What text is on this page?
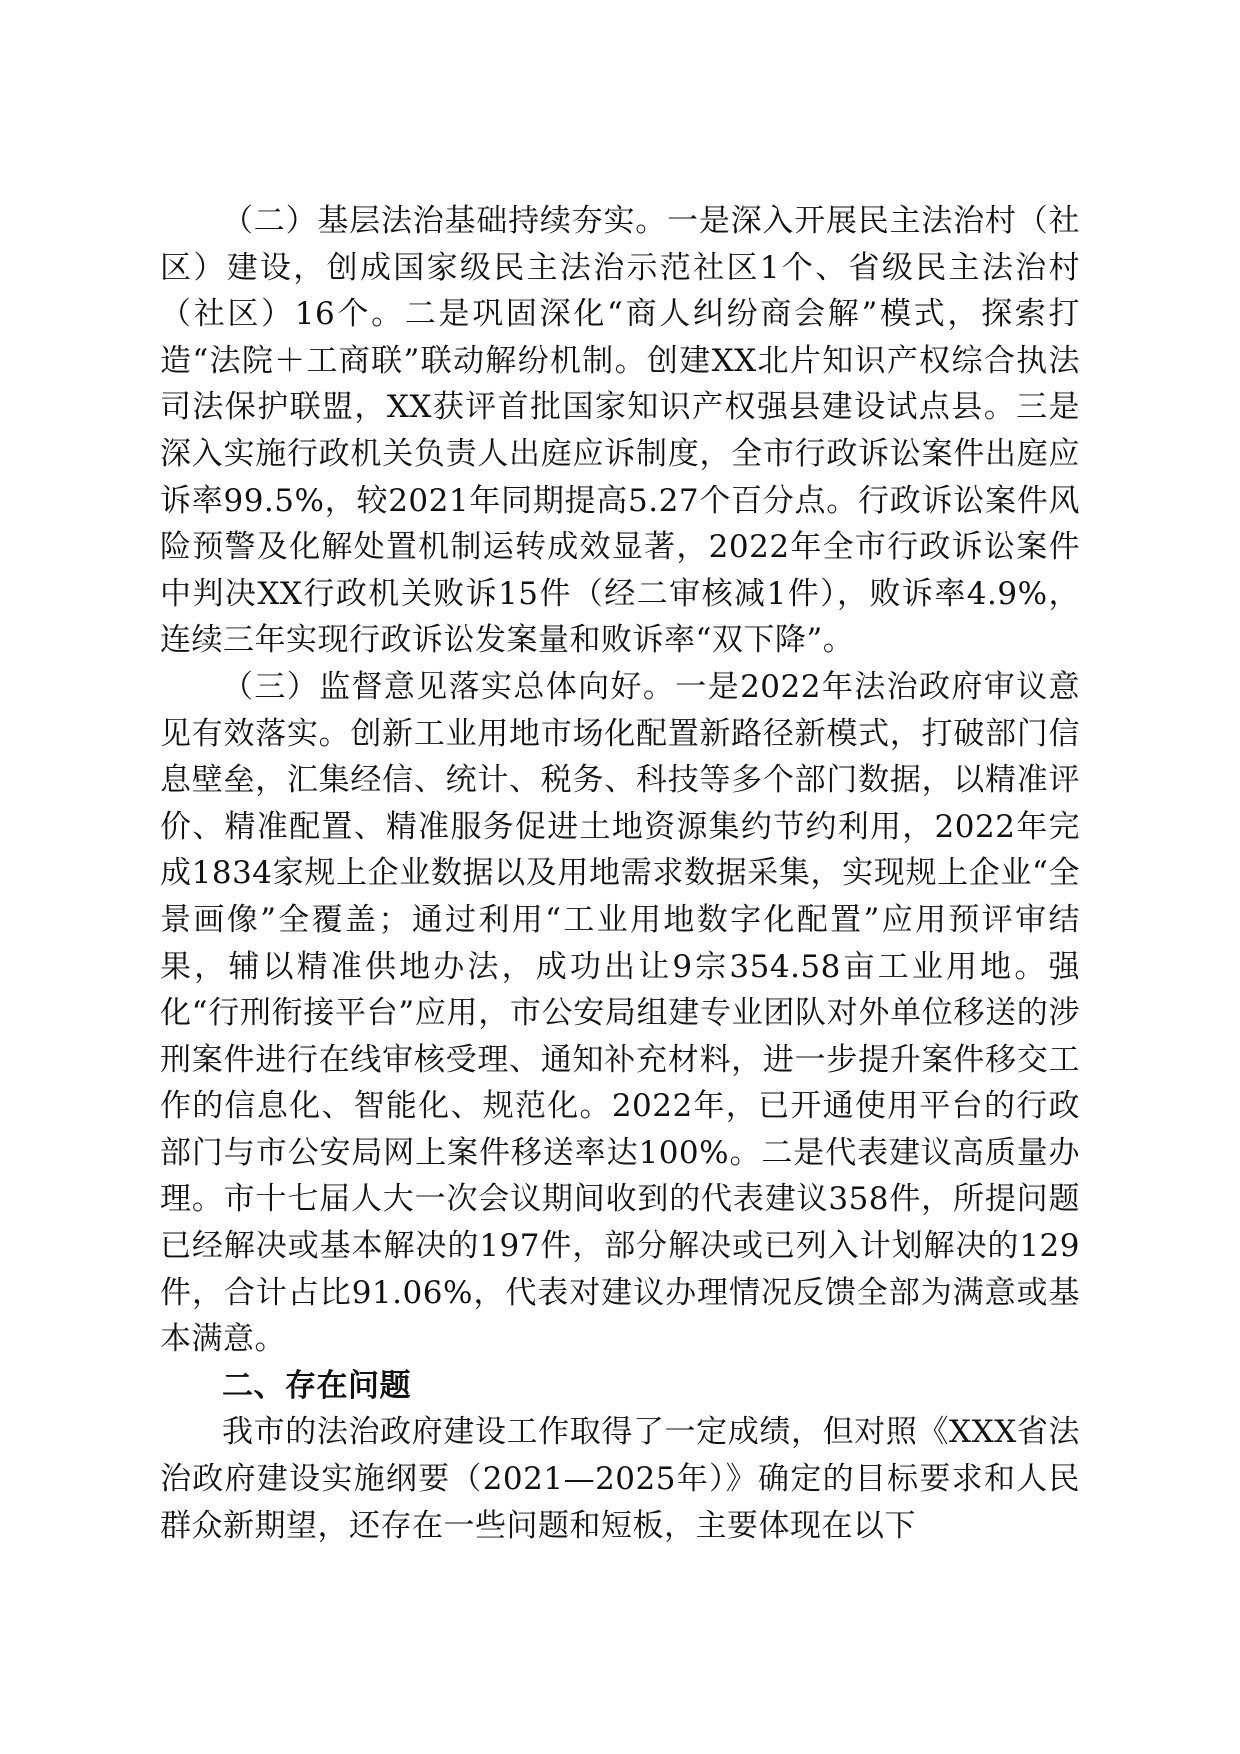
（二）基层法治基础持续夯实。一是深入开展民主法治村（社区）建设，创成国家级民主法治示范社区1个、省级民主法治村（社区）16个。二是巩固深化“商人纠纷商会解”模式，探索打造“法院＋工商联”联动解纷机制。创建XX北片知识产权综合执法司法保护联盟，XX获评首批国家知识产权强县建设试点县。三是深入实施行政机关负责人出庭应诉制度，全市行政诉讼案件出庭应诉率99.5%，较2021年同期提高5.27个百分点。行政诉讼案件风险预警及化解处置机制运转成效显著，2022年全市行政诉讼案件中判决XX行政机关败诉15件（经二审核减1件），败诉率4.9%，连续三年实现行政诉讼发案量和败诉率“双下降”。

（三）监督意见落实总体向好。一是2022年法治政府审议意见有效落实。创新工业用地市场化配置新路径新模式，打破部门信息壁垒，汇集经信、统计、税务、科技等多个部门数据，以精准评价、精准配置、精准服务促进土地资源集约节约利用，2022年完成1834家规上企业数据以及用地需求数据采集，实现规上企业“全景画像”全覆盖；通过利用“工业用地数字化配置”应用预评审结果，辅以精准供地办法，成功出让9宗354.58亩工业用地。强化“行刑衔接平台”应用，市公安局组建专业团队对外单位移送的涉刑案件进行在线审核受理、通知补充材料，进一步提升案件移交工作的信息化、智能化、规范化。2022年，已开通使用平台的行政部门与市公安局网上案件移送率达100%。二是代表建议高质量办理。市十七届人大一次会议期间收到的代表建议358件，所提问题已经解决或基本解决的197件，部分解决或已列入计划解决的129件，合计占比91.06%，代表对建议办理情况反馈全部为满意或基本满意。

二、存在问题

我市的法治政府建设工作取得了一定成绩，但对照《XXX省法治政府建设实施纲要（2021—2025年）》确定的目标要求和人民群众新期望，还存在一些问题和短板，主要体现在以下
